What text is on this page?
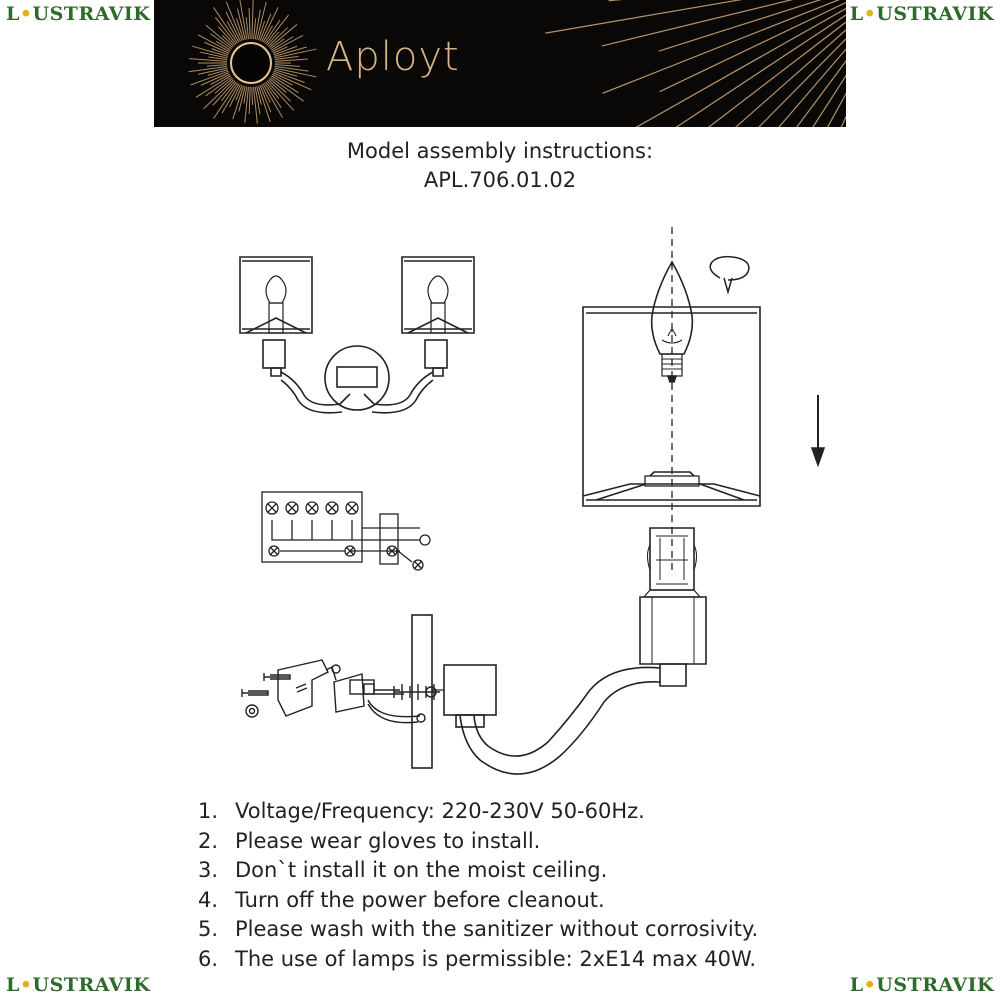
L•USTRAVIK	L•USTRAVIK
L•USTRAVIK	L•USTRAVIK
Aployt
Model assembly instructions:
APL.706.01.02
1. Voltage/Frequency: 220-230V 50-60Hz.
2. Please wear gloves to install.
3. Don`t install it on the moist ceiling.
4. Turn off the power before cleanout.
5. Please wash with the sanitizer without corrosivity.
6. The use of lamps is permissible: 2xE14 max 40W.
